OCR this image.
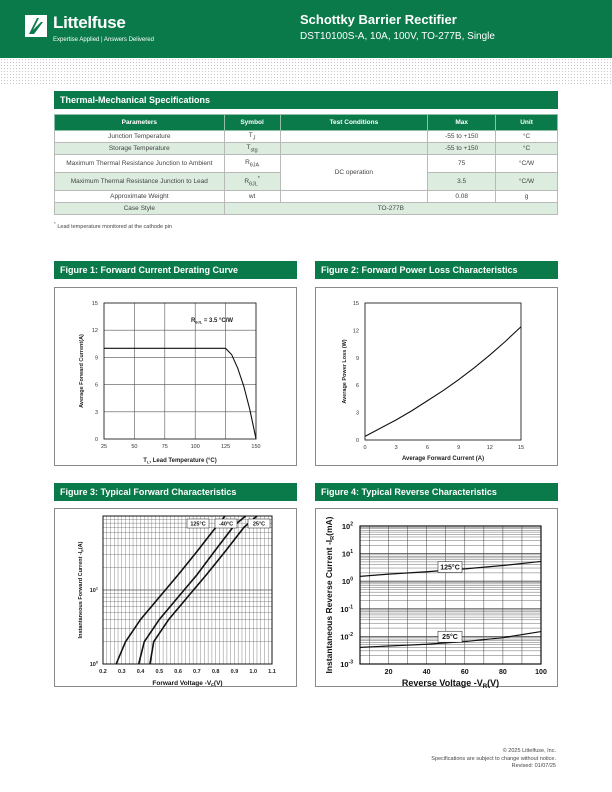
Littelfuse
Expertise Applied | Answers Delivered
Schottky Barrier Rectifier
DST10100S-A, 10A, 100V, TO-277B, Single
Thermal-Mechanical Specifications
Parameters	Symbol	Test Conditions	Max	Unit
Junction Temperature	$T_J$		-55 to +150	°C
Storage Temperature	$T_{stg}$		-55 to +150	°C
Maximum Thermal Resistance Junction to Ambient	$R_{\theta JA}$	DC operation	75	°C/W
Maximum Thermal Resistance Junction to Lead	$R_{\theta JL}^*$		3.5	°C/W
Approximate Weight	wt		0.08	g
Case Style	TO-277B			
* Lead temperature monitored at the cathode pin
Figure 1: Forward Current Derating Curve	Figure 2: Forward Power Loss Characteristics
Figure 3: Typical Forward Characteristics	Figure 4: Typical Reverse Characteristics
25	50	75	100	125	150
0
3
6
9
12
15
$T_L$, Lead Temperature (°C)
Average Forward Current(A)
$R_{\theta JL} = 3.5$ °C/W
0	3	6	9	12	15
0
3
6
9
12
15
Average Forward Current (A)
Average Power Loss (W)
0.2 0.3 0.4 0.5 0.6 0.7 0.8 0.9 1.0 1.1
$10^0$
$10^1$
125°C -40°C	25°C
Forward Voltage $-V_F(V)$
Instantaneous Forward Current $-I_F(A)$
20	40	60	80	100
$10^2$
$10^1$
$10^0$
$10^{-1}$
$10^{-2}$
$10^{-3}$
125°C
25°C
Reverse Voltage $-V_R(V)$
Instantaneous Reverse Current $-I_R(mA)$
© 2025 Littelfuse, Inc.
Specifications are subject to change without notice.
Revised: 01/07/25
